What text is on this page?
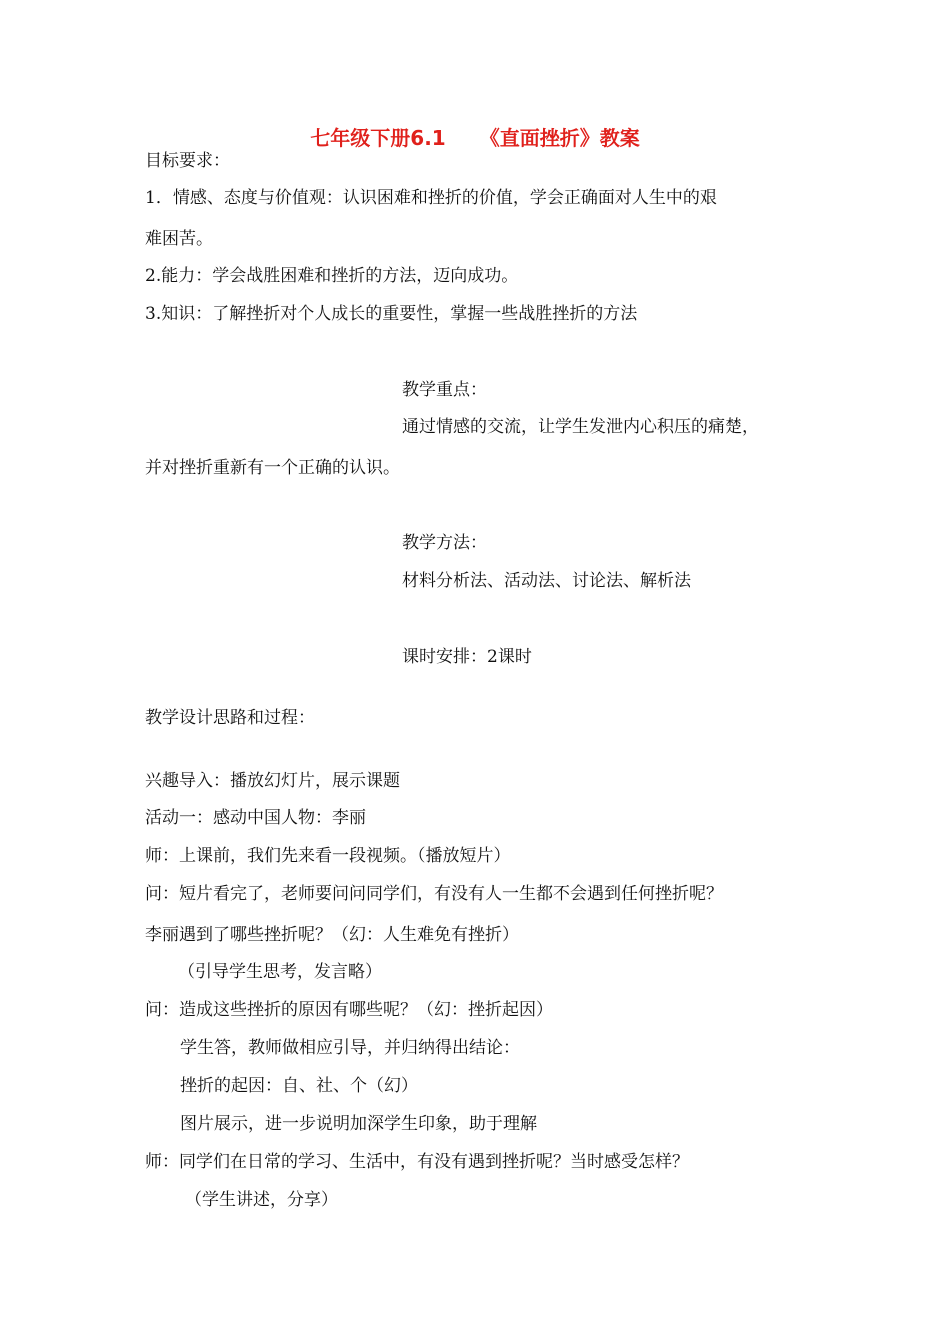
七年级下册6.1 《直面挫折》教案
目标要求：
1．情感、态度与价值观：认识困难和挫折的价值，学会正确面对人生中的艰
难困苦。
2.能力：学会战胜困难和挫折的方法，迈向成功。
3.知识：了解挫折对个人成长的重要性，掌握一些战胜挫折的方法
教学重点：
通过情感的交流，让学生发泄内心积压的痛楚，
并对挫折重新有一个正确的认识。
教学方法：
材料分析法、活动法、讨论法、解析法
课时安排：2课时
教学设计思路和过程：
兴趣导入：播放幻灯片，展示课题
活动一：感动中国人物：李丽
师：上课前，我们先来看一段视频。（播放短片）
问：短片看完了，老师要问问同学们，有没有人一生都不会遇到任何挫折呢？
李丽遇到了哪些挫折呢？（幻：人生难免有挫折）
（引导学生思考，发言略）
问：造成这些挫折的原因有哪些呢？（幻：挫折起因）
学生答，教师做相应引导，并归纳得出结论：
挫折的起因：自、社、个（幻）
图片展示，进一步说明加深学生印象，助于理解
师：同学们在日常的学习、生活中，有没有遇到挫折呢？当时感受怎样？
（学生讲述，分享）
